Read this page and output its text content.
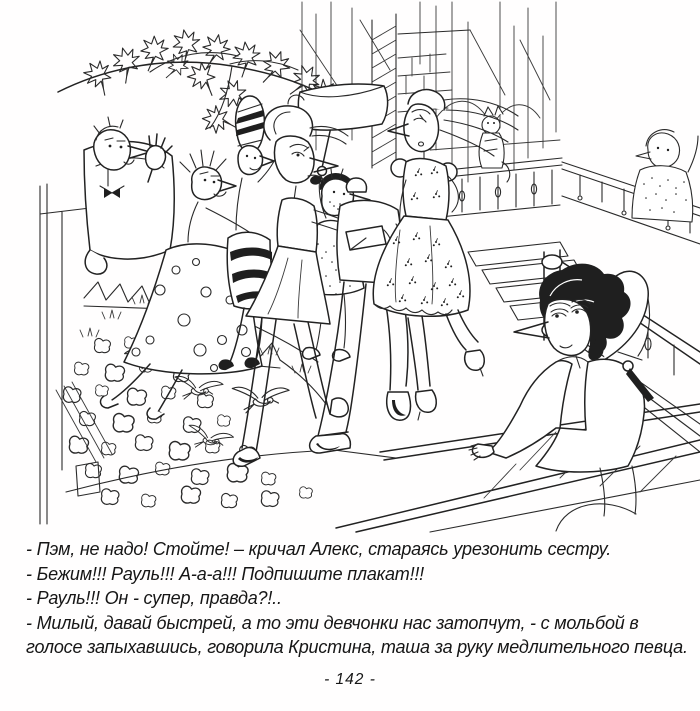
- Пэм, не надо! Стойте! – кричал Алекс, стараясь урезонить сестру.
- Бежим!!! Рауль!!! А-а-а!!! Подпишите плакат!!!
- Рауль!!! Он - супер, правда?!..
- Милый, давай быстрей, а то эти девчонки нас затопчут, - с мольбой в
голосе запыхавшись, говорила Кристина, таша за руку медлительного певца.
- 142 -
